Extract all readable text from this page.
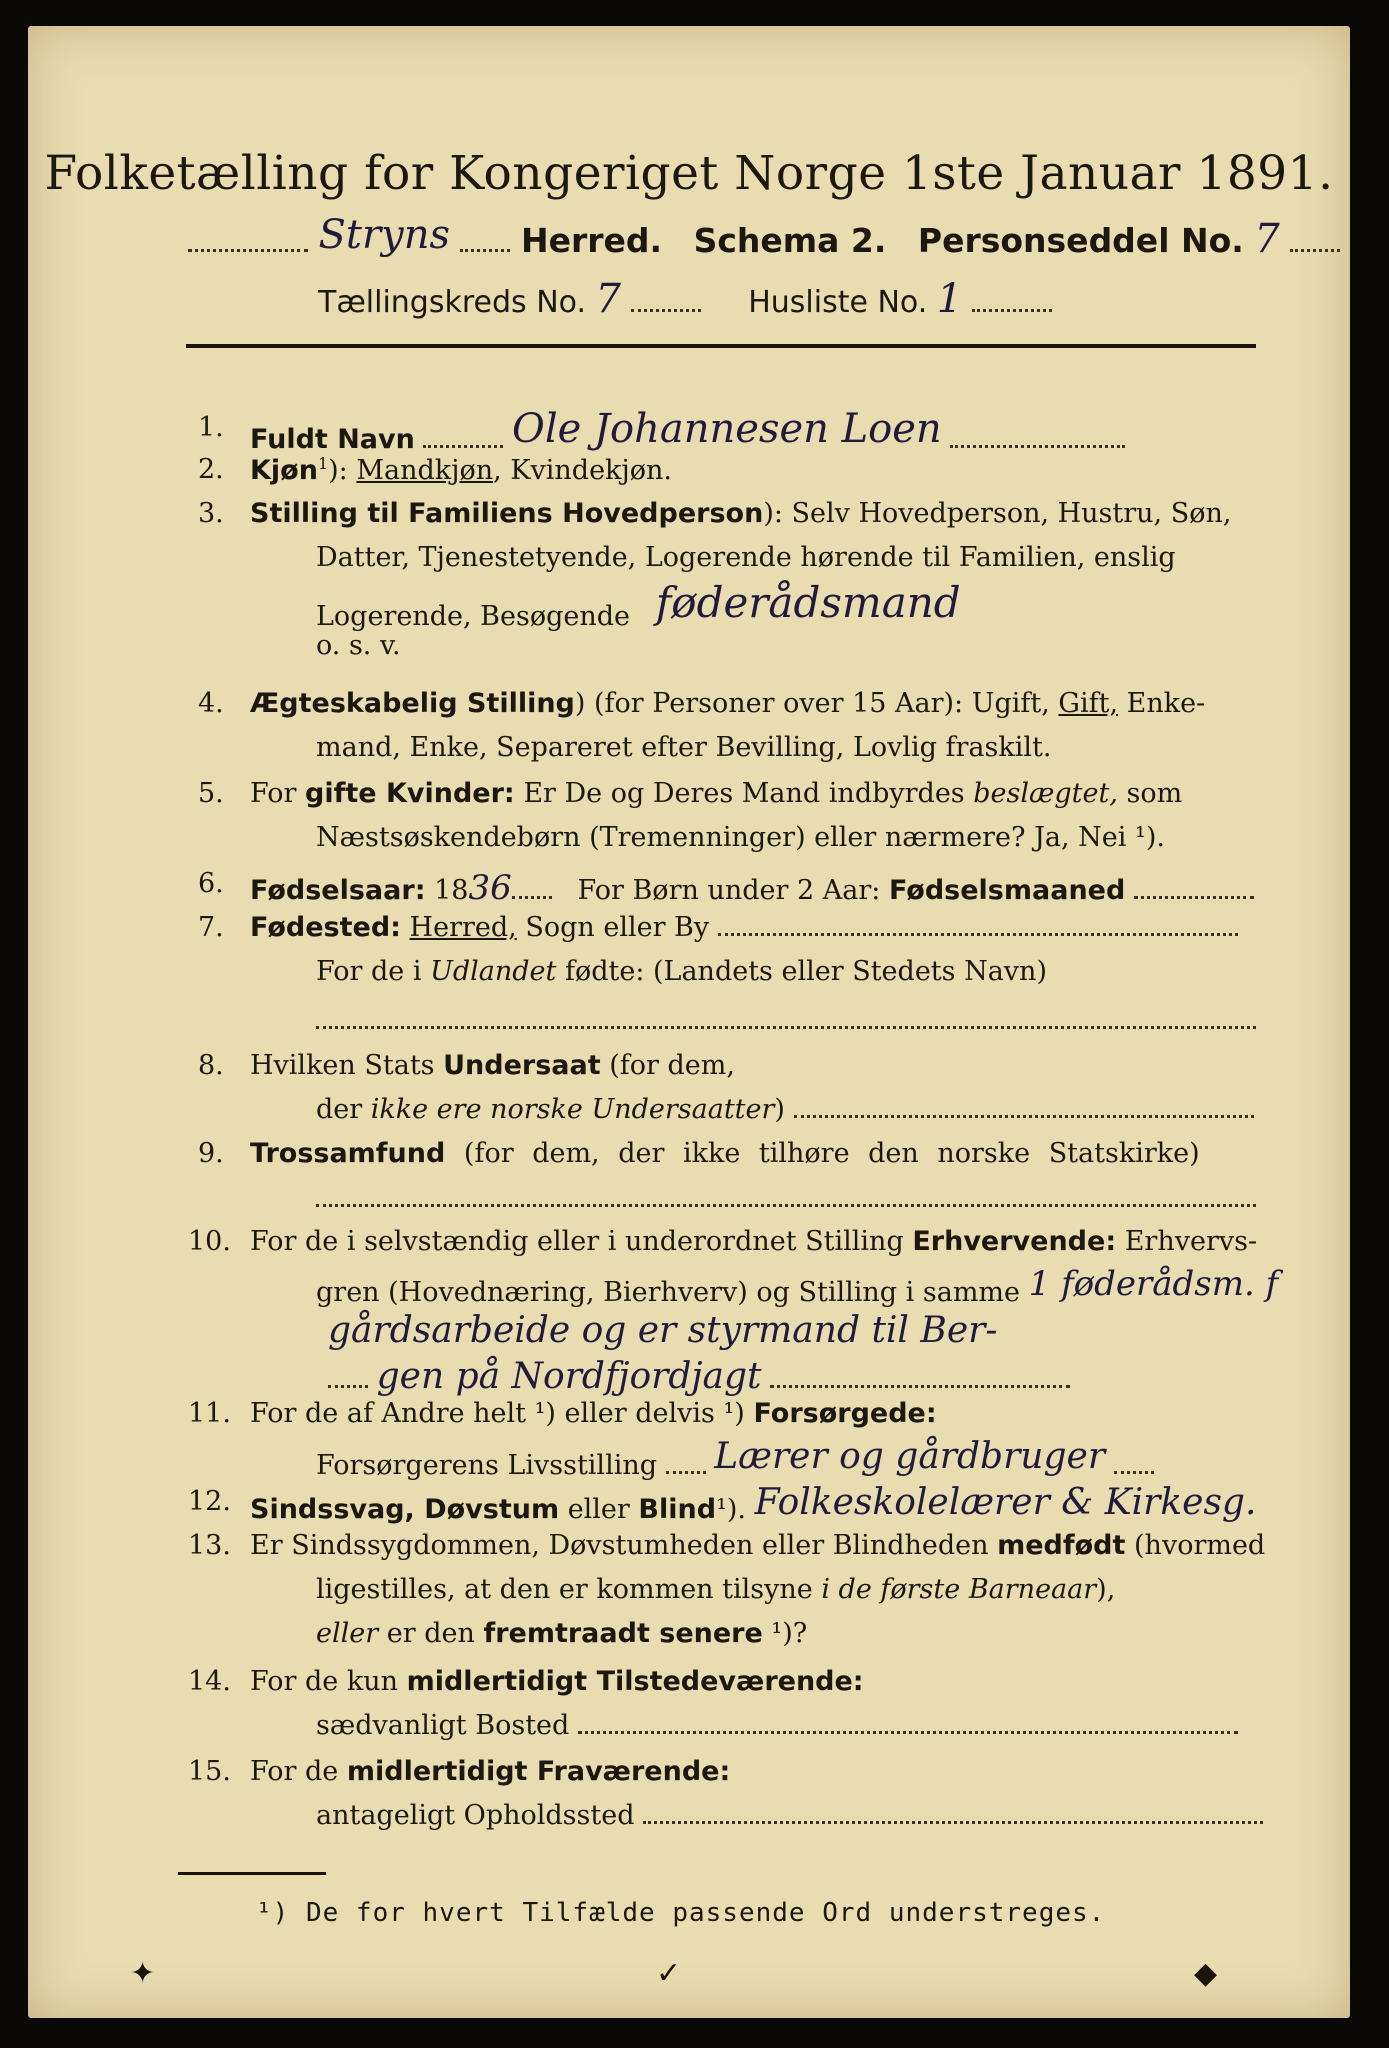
Folketælling for Kongeriget Norge 1ste Januar 1891.
Stryns Herred. Schema 2. Personseddel No. 7
Tællingskreds No. 7	Husliste No. 1
1. Fuldt Navn Ole Johannesen Loen
2. Kjøn$^1$): Mandkjøn, Kvindekjøn.
3. Stilling til Familiens Hovedperson): Selv Hovedperson, Hustru, Søn,
Datter, Tjenestetyende, Logerende hørende til Familien, enslig
Logerende, Besøgende føderådsmand
o. s. v.
4. Ægteskabelig Stilling) (for Personer over 15 Aar): Ugift, Gift, Enke-
mand, Enke, Separeret efter Bevilling, Lovlig fraskilt.
5. For gifte Kvinder: Er De og Deres Mand indbyrdes beslægtet, som
Næstsøskendebørn (Tremenninger) eller nærmere? Ja, Nei ¹).
6. Fødselsaar: 1836 For Børn under 2 Aar: Fødselsmaaned
7. Fødested: Herred, Sogn eller By
For de i Udlandet fødte: (Landets eller Stedets Navn)
8. Hvilken Stats Undersaat (for dem,
der ikke ere norske Undersaatter)
9. Trossamfund (for dem, der ikke tilhøre den norske Statskirke)
10. For de i selvstændig eller i underordnet Stilling Erhvervende: Erhvervs-
gren (Hovednæring, Bierhverv) og Stilling i samme 1 føderådsm. f
gårdsarbeide og er styrmand til Ber-
gen på Nordfjordjagt
11. For de af Andre helt ¹) eller delvis ¹) Forsørgede:
Forsørgerens Livsstilling Lærer og gårdbruger
12. Sindssvag, Døvstum eller Blind¹). Folkeskolelærer & Kirkesg.
13. Er Sindssygdommen, Døvstumheden eller Blindheden medfødt (hvormed
ligestilles, at den er kommen tilsyne i de første Barneaar),
eller er den fremtraadt senere ¹)?
14. For de kun midlertidigt Tilstedeværende:
sædvanligt Bosted
15. For de midlertidigt Fraværende:
antageligt Opholdssted
¹) De for hvert Tilfælde passende Ord understreges.
✦	✓	◆
